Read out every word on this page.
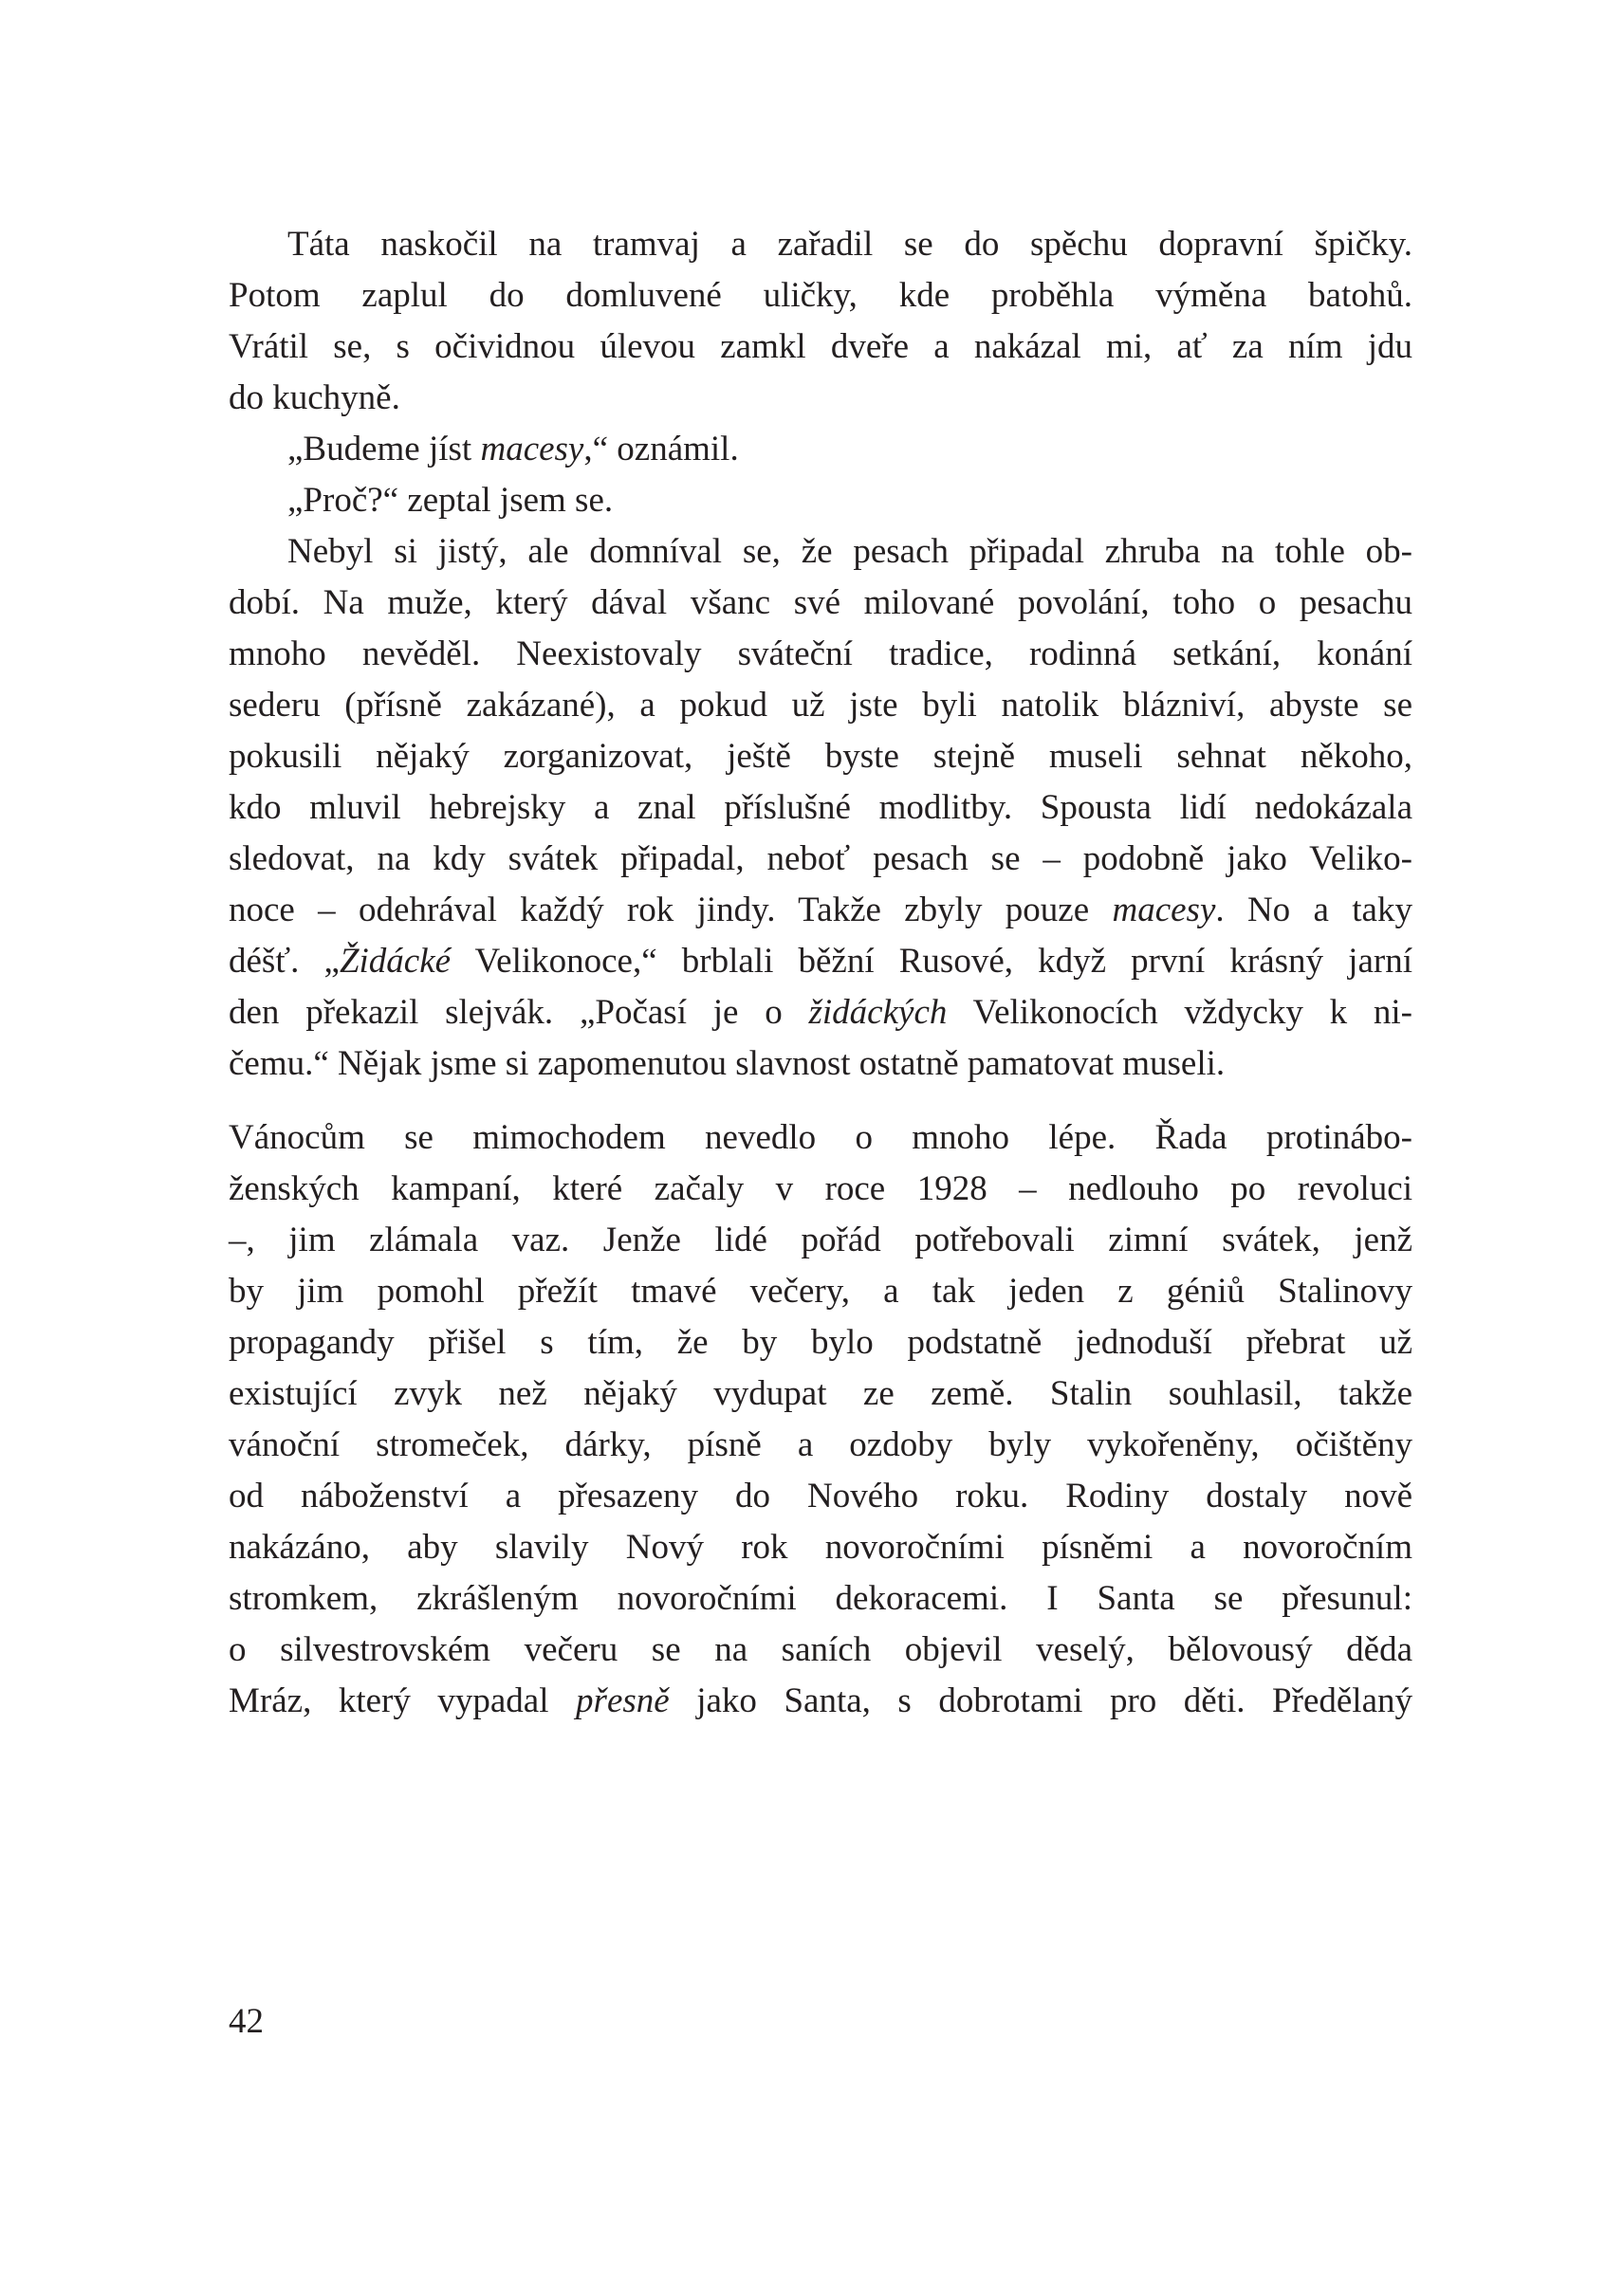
Táta naskočil na tramvaj a zařadil se do spěchu dopravní špičky.
Potom zaplul do domluvené uličky, kde proběhla výměna batohů.
Vrátil se, s očividnou úlevou zamkl dveře a nakázal mi, ať za ním jdu
do kuchyně.
„Budeme jíst macesy,“ oznámil.
„Proč?“ zeptal jsem se.
Nebyl si jistý, ale domníval se, že pesach připadal zhruba na tohle ob-
dobí. Na muže, který dával všanc své milované povolání, toho o pesachu
mnoho nevěděl. Neexistovaly sváteční tradice, rodinná setkání, konání
sederu (přísně zakázané), a pokud už jste byli natolik blázniví, abyste se
pokusili nějaký zorganizovat, ještě byste stejně museli sehnat někoho,
kdo mluvil hebrejsky a znal příslušné modlitby. Spousta lidí nedokázala
sledovat, na kdy svátek připadal, neboť pesach se – podobně jako Veliko-
noce – odehrával každý rok jindy. Takže zbyly pouze macesy. No a taky
déšť. „Židácké Velikonoce,“ brblali běžní Rusové, když první krásný jarní
den překazil slejvák. „Počasí je o židáckých Velikonocích vždycky k ni-
čemu.“ Nějak jsme si zapomenutou slavnost ostatně pamatovat museli.
Vánocům se mimochodem nevedlo o mnoho lépe. Řada protinábo-
ženských kampaní, které začaly v roce 1928 – nedlouho po revoluci
–, jim zlámala vaz. Jenže lidé pořád potřebovali zimní svátek, jenž
by jim pomohl přežít tmavé večery, a tak jeden z géniů Stalinovy
propagandy přišel s tím, že by bylo podstatně jednoduší přebrat už
existující zvyk než nějaký vydupat ze země. Stalin souhlasil, takže
vánoční stromeček, dárky, písně a ozdoby byly vykořeněny, očištěny
od náboženství a přesazeny do Nového roku. Rodiny dostaly nově
nakázáno, aby slavily Nový rok novoročními písněmi a novoročním
stromkem, zkrášleným novoročními dekoracemi. I Santa se přesunul:
o silvestrovském večeru se na saních objevil veselý, bělovousý děda
Mráz, který vypadal přesně jako Santa, s dobrotami pro děti. Předělaný
42
